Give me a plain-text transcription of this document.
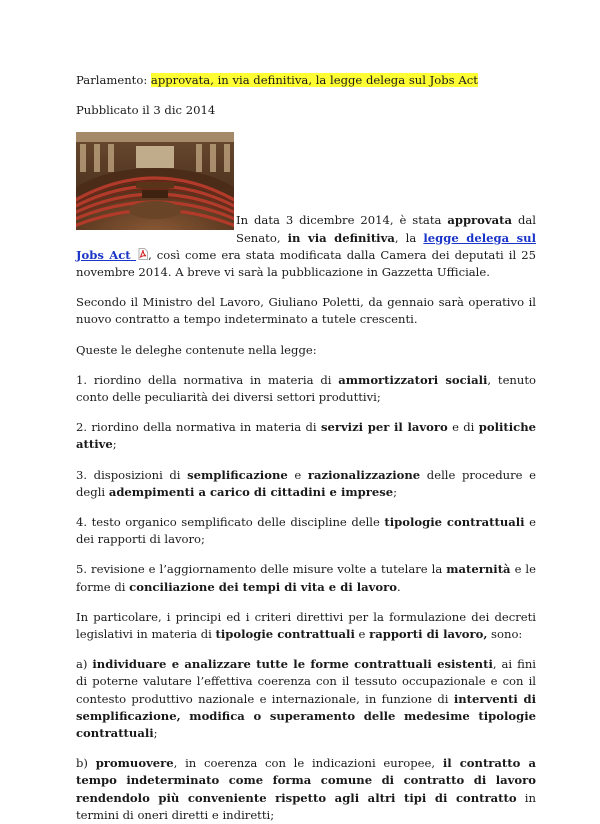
Parlamento: approvata, in via definitiva, la legge delega sul Jobs Act

Pubblicato il 3 dic 2014

In data 3 dicembre 2014, è stata approvata dal Senato, in via definitiva, la legge delega sul Jobs Act , così come era stata modificata dalla Camera dei deputati il 25 novembre 2014. A breve vi sarà la pubblicazione in Gazzetta Ufficiale.

Secondo il Ministro del Lavoro, Giuliano Poletti, da gennaio sarà operativo il nuovo contratto a tempo indeterminato a tutele crescenti.

Queste le deleghe contenute nella legge:

1. riordino della normativa in materia di ammortizzatori sociali, tenuto conto delle peculiarità dei diversi settori produttivi;

2. riordino della normativa in materia di servizi per il lavoro e di politiche attive;

3. disposizioni di semplificazione e razionalizzazione delle procedure e degli adempimenti a carico di cittadini e imprese;

4. testo organico semplificato delle discipline delle tipologie contrattuali e dei rapporti di lavoro;

5. revisione e l’aggiornamento delle misure volte a tutelare la maternità e le forme di conciliazione dei tempi di vita e di lavoro.

In particolare, i principi ed i criteri direttivi per la formulazione dei decreti legislativi in materia di tipologie contrattuali e rapporti di lavoro, sono:

a) individuare e analizzare tutte le forme contrattuali esistenti, ai fini di poterne valutare l’effettiva coerenza con il tessuto occupazionale e con il contesto produttivo nazionale e internazionale, in funzione di interventi di semplificazione, modifica o superamento delle medesime tipologie contrattuali;

b) promuovere, in coerenza con le indicazioni europee, il contratto a tempo indeterminato come forma comune di contratto di lavoro rendendolo più conveniente rispetto agli altri tipi di contratto in termini di oneri diretti e indiretti;
